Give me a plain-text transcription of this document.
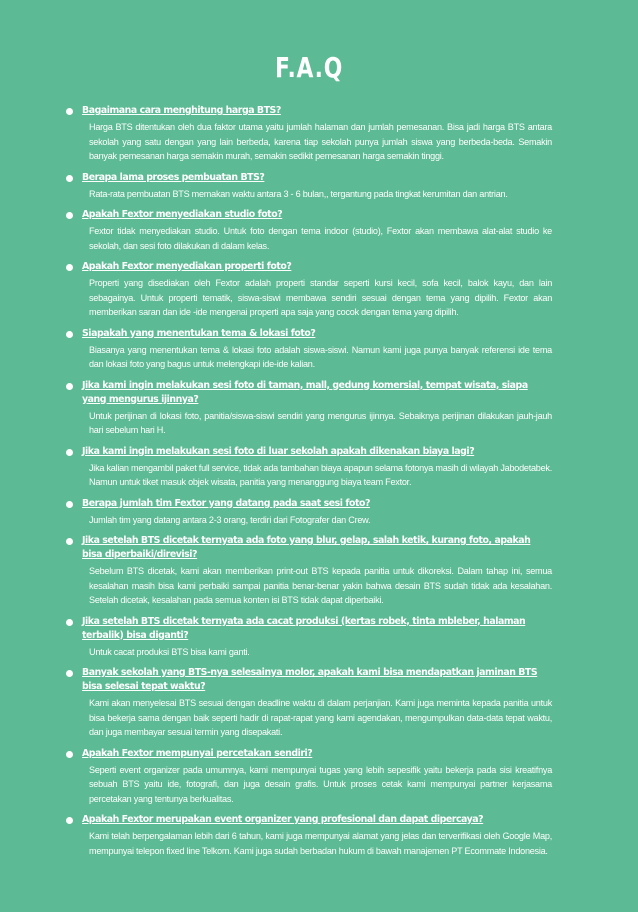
F.A.Q
Bagaimana cara menghitung harga BTS?
Harga BTS ditentukan oleh dua faktor utama yaitu jumlah halaman dan jumlah pemesanan. Bisa jadi harga BTS antara sekolah yang satu dengan yang lain berbeda, karena tiap sekolah punya jumlah siswa yang berbeda-beda. Semakin banyak pemesanan harga semakin murah, semakin sedikit pemesanan harga semakin tinggi.
Berapa lama proses pembuatan BTS?
Rata-rata pembuatan BTS memakan waktu antara 3 - 6 bulan,, tergantung pada tingkat kerumitan dan antrian.
Apakah Fextor menyediakan studio foto?
Fextor tidak menyediakan studio. Untuk foto dengan tema indoor (studio), Fextor akan membawa alat-alat studio ke sekolah, dan sesi foto dilakukan di dalam kelas.
Apakah Fextor menyediakan properti foto?
Properti yang disediakan oleh Fextor adalah properti standar seperti kursi kecil, sofa kecil, balok kayu, dan lain sebagainya. Untuk properti tematik, siswa-siswi membawa sendiri sesuai dengan tema yang dipilih. Fextor akan memberikan saran dan ide -ide mengenai properti apa saja yang cocok dengan tema yang dipilih.
Siapakah yang menentukan tema & lokasi foto?
Biasanya yang menentukan tema & lokasi foto adalah siswa-siswi. Namun kami juga punya banyak referensi ide tema dan lokasi foto yang bagus untuk melengkapi ide-ide kalian.
Jika kami ingin melakukan sesi foto di taman, mall, gedung komersial, tempat wisata, siapa yang mengurus ijinnya?
Untuk perijinan di lokasi foto, panitia/siswa-siswi sendiri yang mengurus ijinnya. Sebaiknya perijinan dilakukan jauh-jauh hari sebelum hari H.
Jika kami ingin melakukan sesi foto di luar sekolah apakah dikenakan biaya lagi?
Jika kalian mengambil paket full service, tidak ada tambahan biaya apapun selama fotonya masih di wilayah Jabodetabek. Namun untuk tiket masuk objek wisata, panitia yang menanggung biaya team Fextor.
Berapa jumlah tim Fextor yang datang pada saat sesi foto?
Jumlah tim yang datang antara 2-3 orang, terdiri dari Fotografer dan Crew.
Jika setelah BTS dicetak ternyata ada foto yang blur, gelap, salah ketik, kurang foto, apakah bisa diperbaiki/direvisi?
Sebelum BTS dicetak, kami akan memberikan print-out BTS kepada panitia untuk dikoreksi. Dalam tahap ini, semua kesalahan masih bisa kami perbaiki sampai panitia benar-benar yakin bahwa desain BTS sudah tidak ada kesalahan. Setelah dicetak, kesalahan pada semua konten isi BTS tidak dapat diperbaiki.
Jika setelah BTS dicetak ternyata ada cacat produksi (kertas robek, tinta mbleber, halaman terbalik) bisa diganti?
Untuk cacat produksi BTS bisa kami ganti.
Banyak sekolah yang BTS-nya selesainya molor, apakah kami bisa mendapatkan jaminan BTS bisa selesai tepat waktu?
Kami akan menyelesai BTS sesuai dengan deadline waktu di dalam perjanjian. Kami juga meminta kepada panitia untuk bisa bekerja sama dengan baik seperti hadir di rapat-rapat yang kami agendakan, mengumpulkan data-data tepat waktu, dan juga membayar sesuai termin yang disepakati.
Apakah Fextor mempunyai percetakan sendiri?
Seperti event organizer pada umumnya, kami mempunyai tugas yang lebih sepesifik yaitu bekerja pada sisi kreatifnya sebuah BTS yaitu ide, fotografi, dan juga desain grafis. Untuk proses cetak kami mempunyai partner kerjasama percetakan yang tentunya berkualitas.
Apakah Fextor merupakan event organizer yang profesional dan dapat dipercaya?
Kami telah berpengalaman lebih dari 6 tahun, kami juga mempunyai alamat yang jelas dan terverifikasi oleh Google Map, mempunyai telepon fixed line Telkom. Kami juga sudah berbadan hukum di bawah manajemen PT Ecommate Indonesia.
